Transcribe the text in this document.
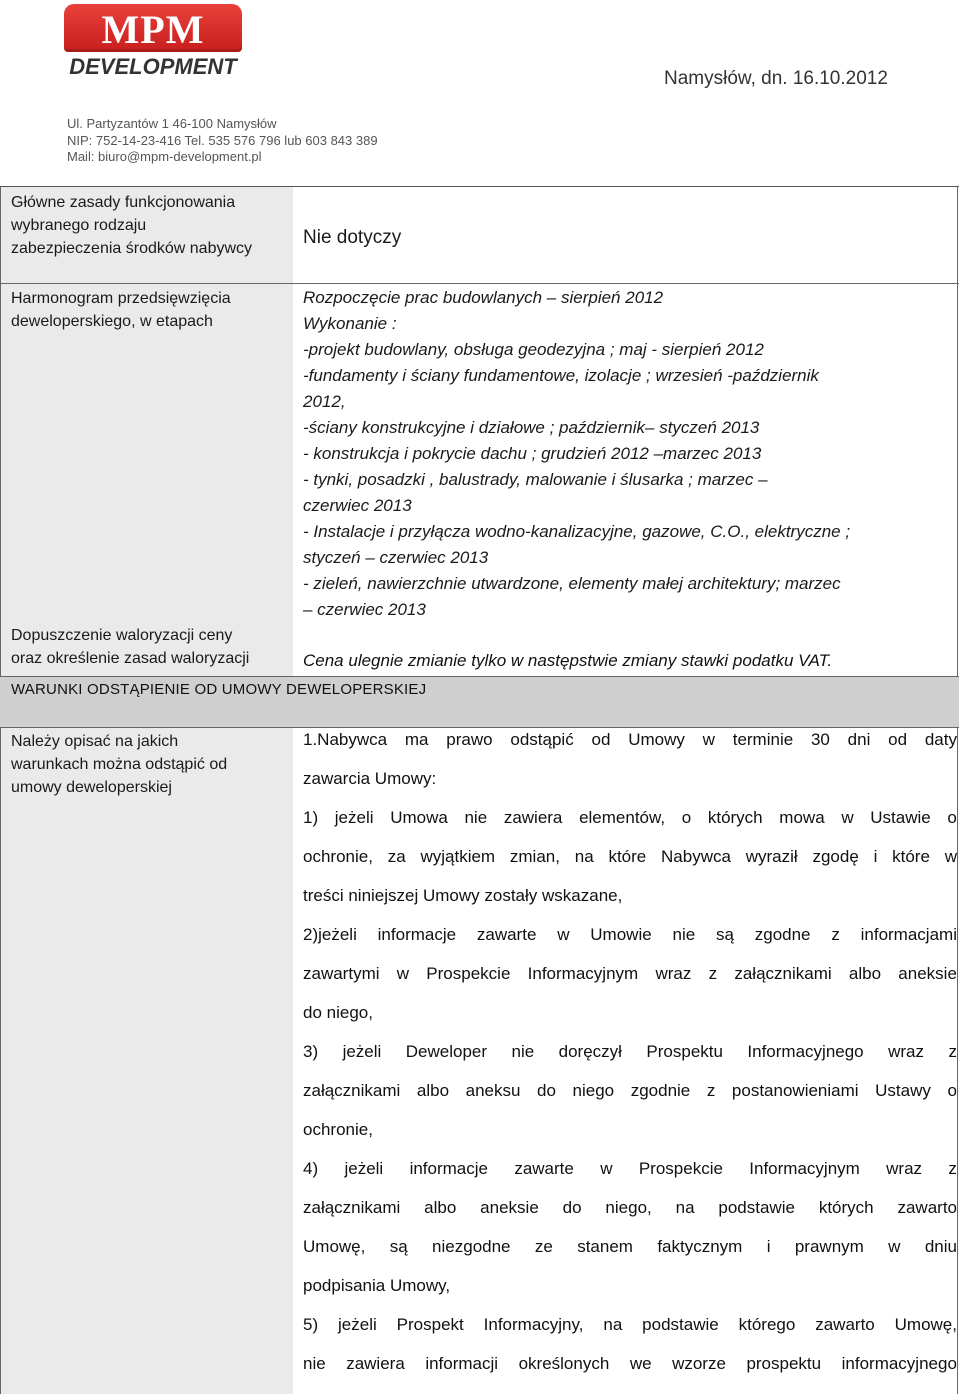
MPM
DEVELOPMENT	Namysłów, dn. 16.10.2012
Ul. Partyzantów 1 46-100 Namysłów
NIP: 752-14-23-416 Tel. 535 576 796 lub 603 843 389
Mail: biuro@mpm-development.pl
Główne zasady funkcjonowania
wybranego rodzaju
zabezpieczenia środków nabywcy
Nie dotyczy
Harmonogram przedsięwzięcia
deweloperskiego, w etapach
Rozpoczęcie prac budowlanych – sierpień 2012
Wykonanie :
-projekt budowlany, obsługa geodezyjna ; maj - sierpień 2012
-fundamenty i ściany fundamentowe, izolacje ; wrzesień -październik
2012,
-ściany konstrukcyjne i działowe ; październik– styczeń 2013
- konstrukcja i pokrycie dachu ; grudzień 2012 –marzec 2013
- tynki, posadzki , balustrady, malowanie i ślusarka ; marzec –
czerwiec 2013
- Instalacje i przyłącza wodno-kanalizacyjne, gazowe, C.O., elektryczne ;
styczeń – czerwiec 2013
- zieleń, nawierzchnie utwardzone, elementy małej architektury; marzec
– czerwiec 2013
Dopuszczenie waloryzacji ceny
oraz określenie zasad waloryzacji	Cena ulegnie zmianie tylko w następstwie zmiany stawki podatku VAT.
WARUNKI ODSTĄPIENIE OD UMOWY DEWELOPERSKIEJ
Należy opisać na jakich
warunkach można odstąpić od
umowy deweloperskiej
1.Nabywca ma prawo odstąpić od Umowy w terminie 30 dni od daty
zawarcia Umowy:
1) jeżeli Umowa nie zawiera elementów, o których mowa w Ustawie o
ochronie, za wyjątkiem zmian, na które Nabywca wyraził zgodę i które w
treści niniejszej Umowy zostały wskazane,
2)jeżeli informacje zawarte w Umowie nie są zgodne z informacjami
zawartymi w Prospekcie Informacyjnym wraz z załącznikami albo aneksie
do niego,
3) jeżeli Deweloper nie doręczył Prospektu Informacyjnego wraz z
załącznikami albo aneksu do niego zgodnie z postanowieniami Ustawy o
ochronie,
4) jeżeli informacje zawarte w Prospekcie Informacyjnym wraz z
załącznikami albo aneksie do niego, na podstawie których zawarto
Umowę, są niezgodne ze stanem faktycznym i prawnym w dniu
podpisania Umowy,
5) jeżeli Prospekt Informacyjny, na podstawie którego zawarto Umowę,
nie zawiera informacji określonych we wzorze prospektu informacyjnego
